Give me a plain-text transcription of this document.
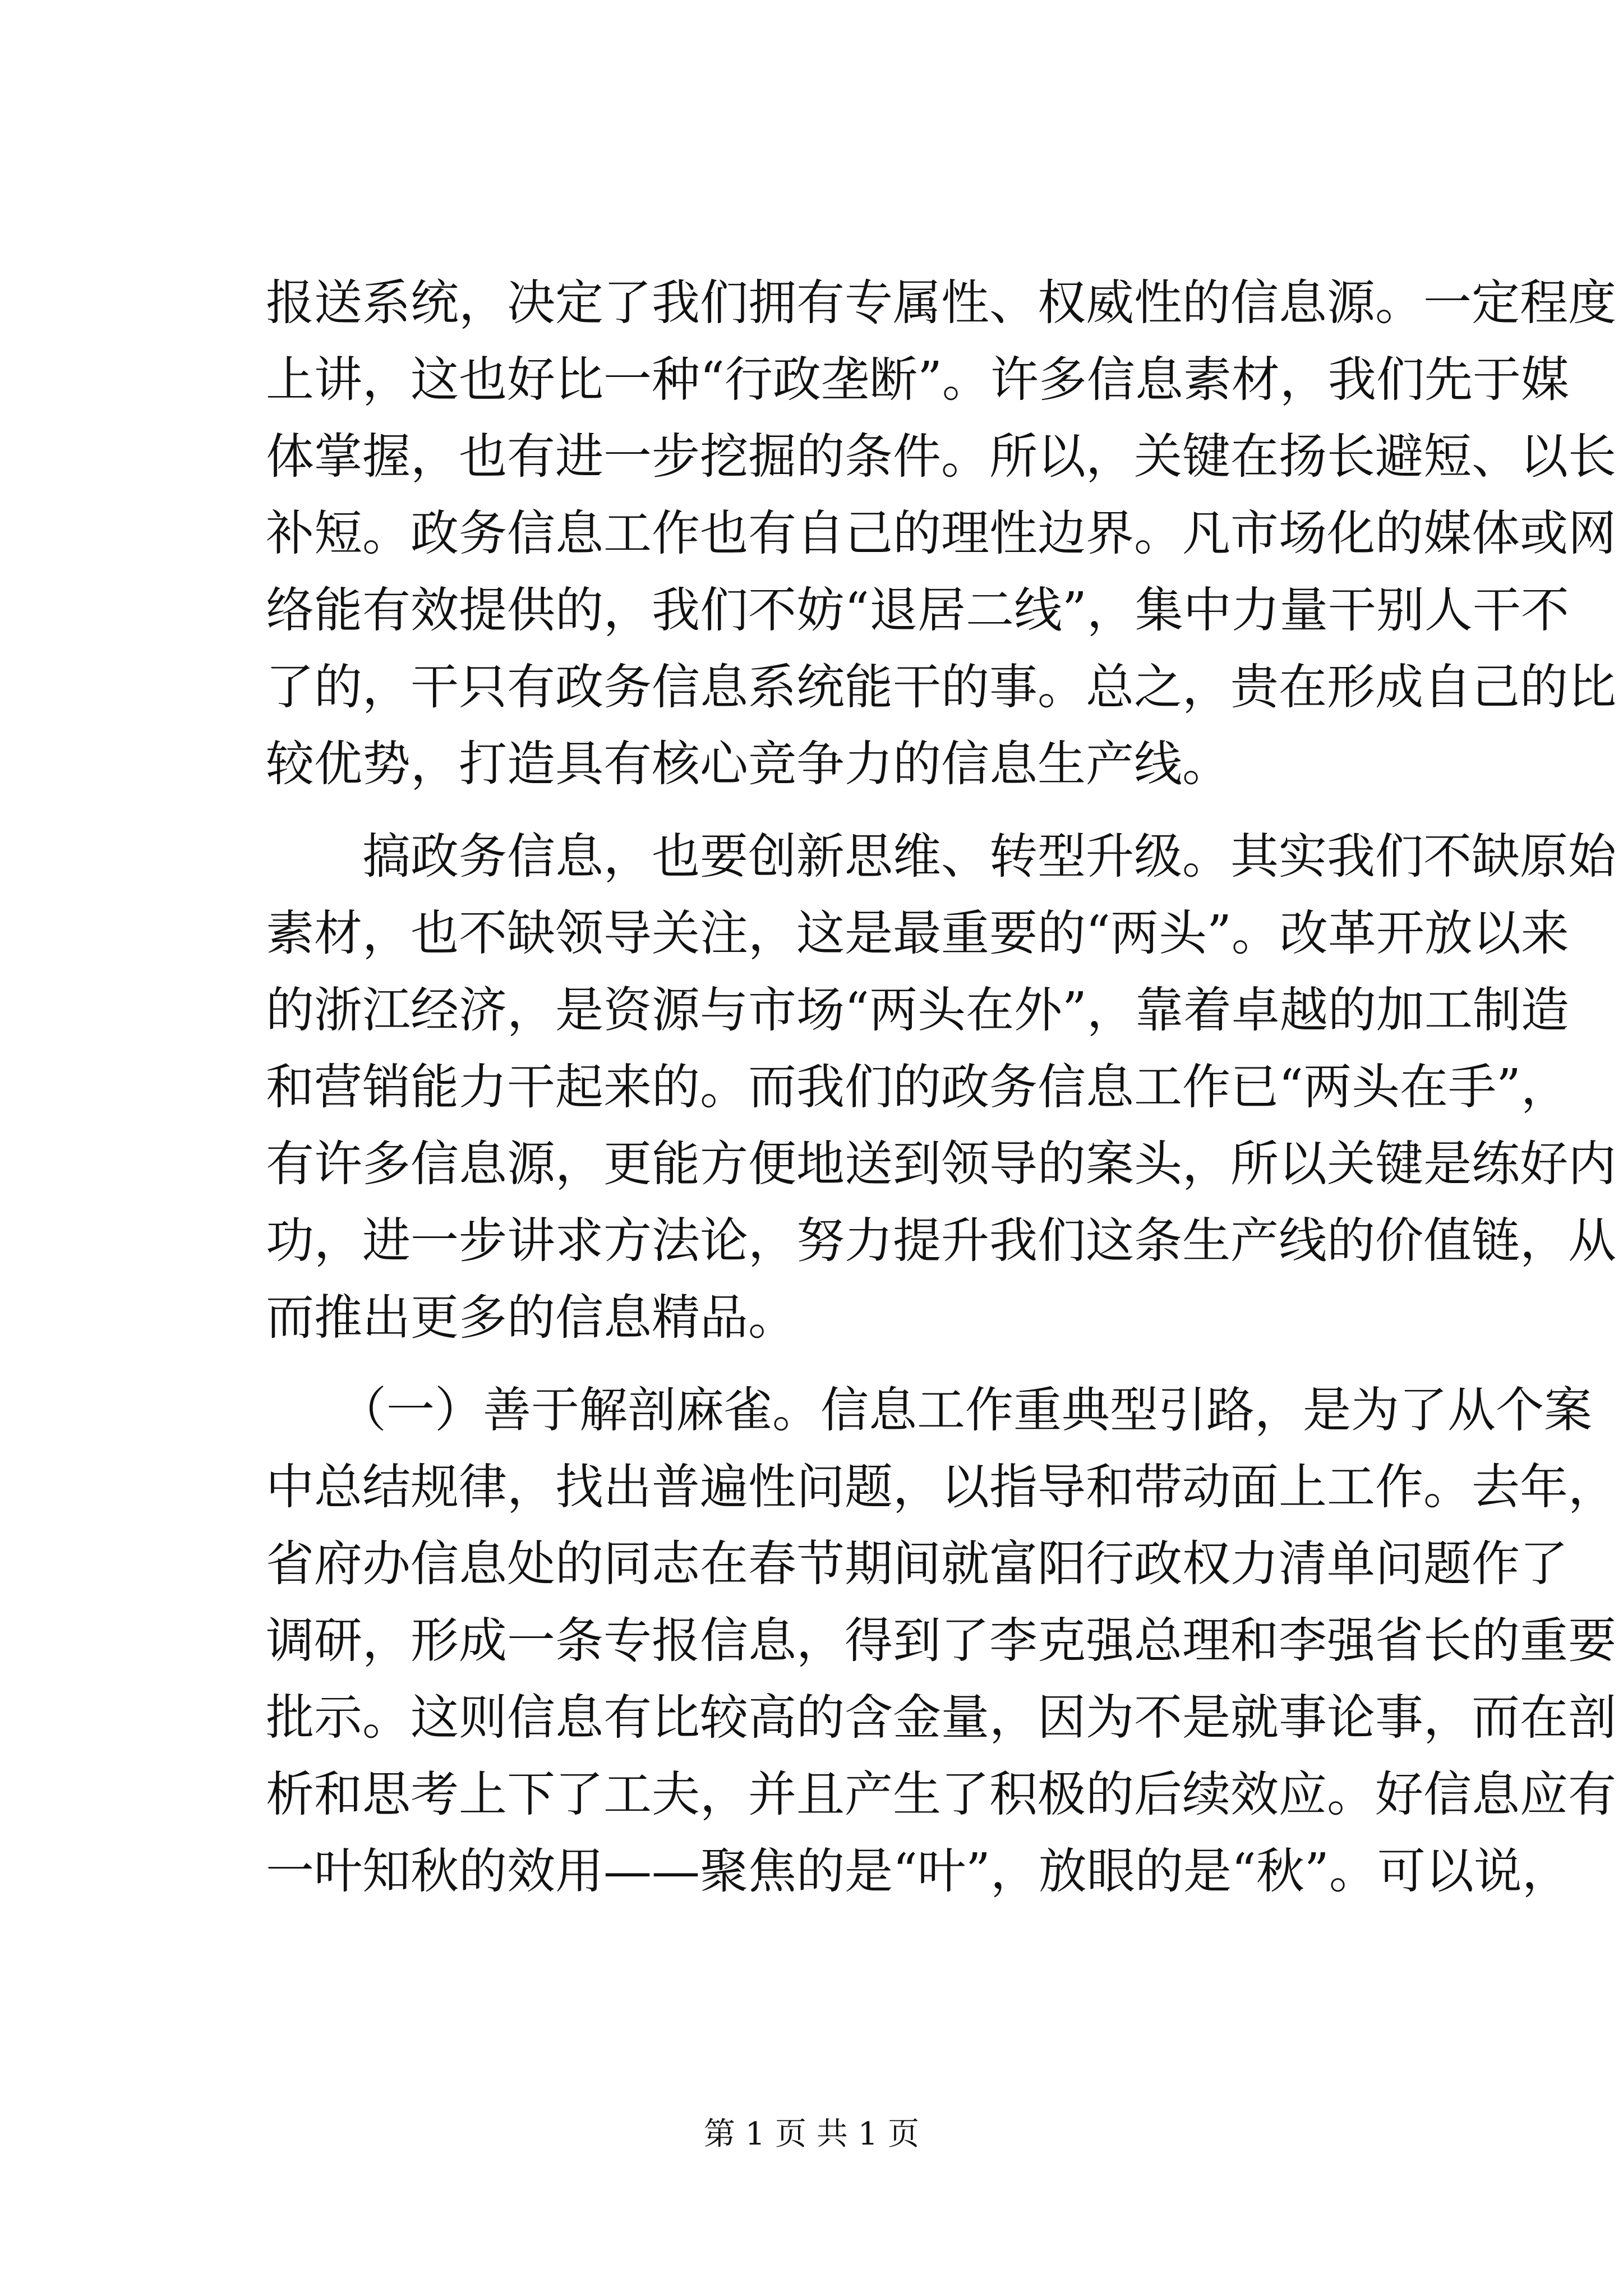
报送系统，决定了我们拥有专属性、权威性的信息源。一定程度
上讲，这也好比一种“行政垄断”。许多信息素材，我们先于媒
体掌握，也有进一步挖掘的条件。所以，关键在扬长避短、以长
补短。政务信息工作也有自己的理性边界。凡市场化的媒体或网
络能有效提供的，我们不妨“退居二线”，集中力量干别人干不
了的，干只有政务信息系统能干的事。总之，贵在形成自己的比
较优势，打造具有核心竞争力的信息生产线。
　　搞政务信息，也要创新思维、转型升级。其实我们不缺原始
素材，也不缺领导关注，这是最重要的“两头”。改革开放以来
的浙江经济，是资源与市场“两头在外”，靠着卓越的加工制造
和营销能力干起来的。而我们的政务信息工作已“两头在手”，
有许多信息源，更能方便地送到领导的案头，所以关键是练好内
功，进一步讲求方法论，努力提升我们这条生产线的价值链，从
而推出更多的信息精品。
　　（一）善于解剖麻雀。信息工作重典型引路，是为了从个案
中总结规律，找出普遍性问题，以指导和带动面上工作。去年，
省府办信息处的同志在春节期间就富阳行政权力清单问题作了
调研，形成一条专报信息，得到了李克强总理和李强省长的重要
批示。这则信息有比较高的含金量，因为不是就事论事，而在剖
析和思考上下了工夫，并且产生了积极的后续效应。好信息应有
一叶知秋的效用——聚焦的是“叶”，放眼的是“秋”。可以说，
第 1 页 共 1 页
